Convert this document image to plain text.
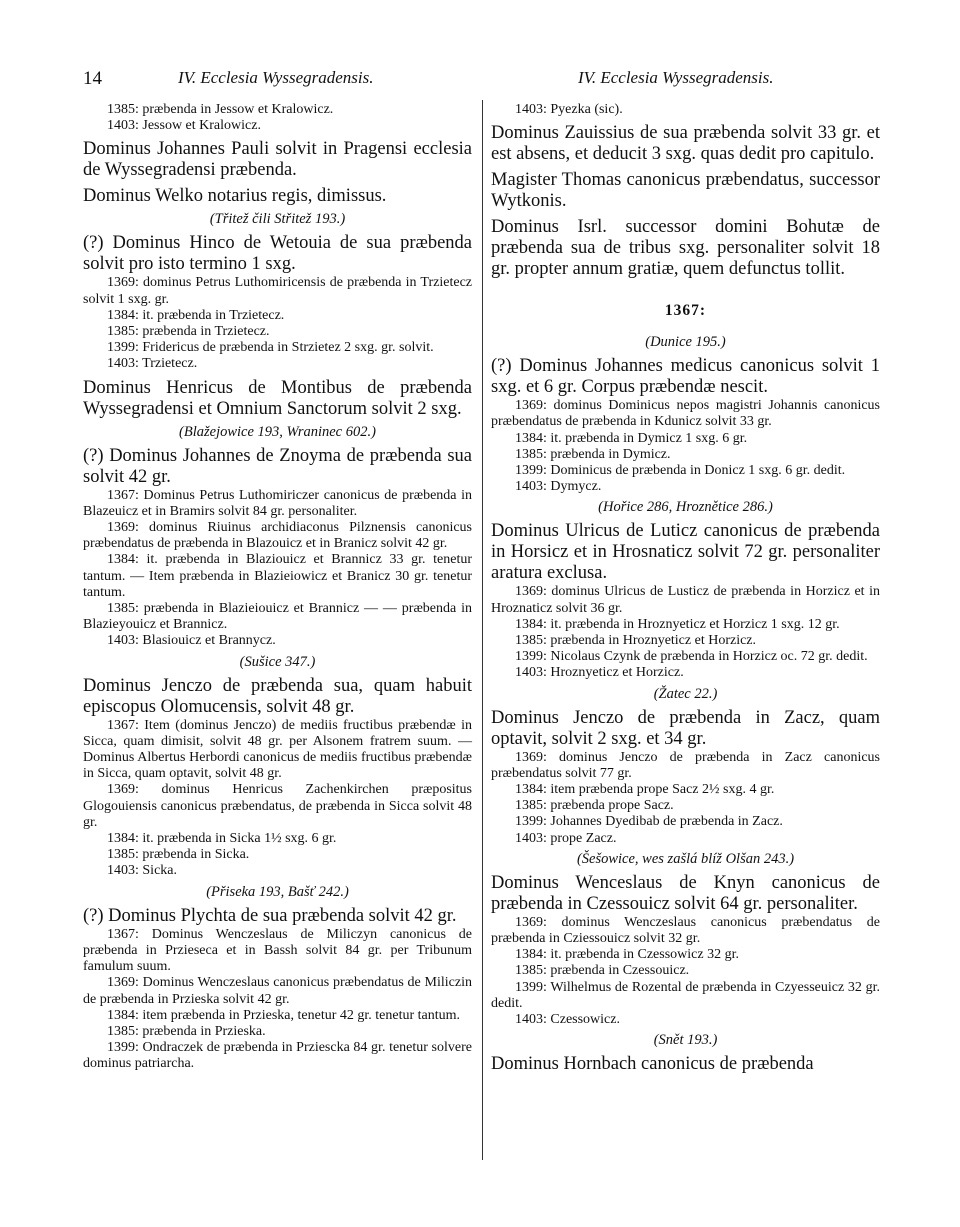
14	IV. Ecclesia Wyssegradensis.	IV. Ecclesia Wyssegradensis.

1385: præbenda in Jessow et Kralowicz.

1403: Jessow et Kralowicz.

Dominus Johannes Pauli solvit in Pragensi ecclesia de Wyssegradensi præbenda.

Dominus Welko notarius regis, dimissus.

(Třitež čili Střitež 193.)

(?) Dominus Hinco de Wetouia de sua præbenda solvit pro isto termino 1 sxg.

1369: dominus Petrus Luthomiricensis de præbenda in Trzietecz solvit 1 sxg. gr.

1384: it. præbenda in Trzietecz.

1385: præbenda in Trzietecz.

1399: Fridericus de præbenda in Strzietez 2 sxg. gr. solvit.

1403: Trzietecz.

Dominus Henricus de Montibus de præbenda Wyssegradensi et Omnium Sanctorum solvit 2 sxg.

(Blažejowice 193, Wraninec 602.)

(?) Dominus Johannes de Znoyma de præbenda sua solvit 42 gr.

1367: Dominus Petrus Luthomiriczer canonicus de præbenda in Blazeuicz et in Bramirs solvit 84 gr. personaliter.

1369: dominus Riuinus archidiaconus Pilznensis canonicus præbendatus de præbenda in Blazouicz et in Branicz solvit 42 gr.

1384: it. præbenda in Blaziouicz et Brannicz 33 gr. tenetur tantum. — Item præbenda in Blazieiowicz et Branicz 30 gr. tenetur tantum.

1385: præbenda in Blazieiouicz et Brannicz — — præbenda in Blazieyouicz et Brannicz.

1403: Blasiouicz et Brannycz.

(Sušice 347.)

Dominus Jenczo de præbenda sua, quam habuit episcopus Olomucensis, solvit 48 gr.

1367: Item (dominus Jenczo) de mediis fructibus præbendæ in Sicca, quam dimisit, solvit 48 gr. per Alsonem fratrem suum. — Dominus Albertus Herbordi canonicus de mediis fructibus præbendæ in Sicca, quam optavit, solvit 48 gr.

1369: dominus Henricus Zachenkirchen præpositus Glogouiensis canonicus præbendatus, de præbenda in Sicca solvit 48 gr.

1384: it. præbenda in Sicka 1½ sxg. 6 gr.

1385: præbenda in Sicka.

1403: Sicka.

(Přiseka 193, Bašť 242.)

(?) Dominus Plychta de sua præbenda solvit 42 gr.

1367: Dominus Wenczeslaus de Miliczyn canonicus de præbenda in Przieseca et in Bassh solvit 84 gr. per Tribunum famulum suum.

1369: Dominus Wenczeslaus canonicus præbendatus de Miliczin de præbenda in Przieska solvit 42 gr.

1384: item præbenda in Przieska, tenetur 42 gr. tenetur tantum.

1385: præbenda in Przieska.

1399: Ondraczek de præbenda in Prziescka 84 gr. tenetur solvere dominus patriarcha.

1403: Pyezka (sic).

Dominus Zauissius de sua præbenda solvit 33 gr. et est absens, et deducit 3 sxg. quas dedit pro capitulo.

Magister Thomas canonicus præbendatus, successor Wytkonis.

Dominus Isrl. successor domini Bohutæ de præbenda sua de tribus sxg. personaliter solvit 18 gr. propter annum gratiæ, quem defunctus tollit.

1367:

(Dunice 195.)

(?) Dominus Johannes medicus canonicus solvit 1 sxg. et 6 gr. Corpus præbendæ nescit.

1369: dominus Dominicus nepos magistri Johannis canonicus præbendatus de præbenda in Kdunicz solvit 33 gr.

1384: it. præbenda in Dymicz 1 sxg. 6 gr.

1385: præbenda in Dymicz.

1399: Dominicus de præbenda in Donicz 1 sxg. 6 gr. dedit.

1403: Dymycz.

(Hořice 286, Hroznětice 286.)

Dominus Ulricus de Luticz canonicus de præbenda in Horsicz et in Hrosnaticz solvit 72 gr. personaliter aratura exclusa.

1369: dominus Ulricus de Lusticz de præbenda in Horzicz et in Hroznaticz solvit 36 gr.

1384: it. præbenda in Hroznyeticz et Horzicz 1 sxg. 12 gr.

1385: præbenda in Hroznyeticz et Horzicz.

1399: Nicolaus Czynk de præbenda in Horzicz oc. 72 gr. dedit.

1403: Hroznyeticz et Horzicz.

(Žatec 22.)

Dominus Jenczo de præbenda in Zacz, quam optavit, solvit 2 sxg. et 34 gr.

1369: dominus Jenczo de præbenda in Zacz canonicus præbendatus solvit 77 gr.

1384: item præbenda prope Sacz 2½ sxg. 4 gr.

1385: præbenda prope Sacz.

1399: Johannes Dyedibab de præbenda in Zacz.

1403: prope Zacz.

(Šešowice, wes zašlá blíž Olšan 243.)

Dominus Wenceslaus de Knyn canonicus de præbenda in Czessouicz solvit 64 gr. personaliter.

1369: dominus Wenczeslaus canonicus præbendatus de præbenda in Cziessouicz solvit 32 gr.

1384: it. præbenda in Czessowicz 32 gr.

1385: præbenda in Czessouicz.

1399: Wilhelmus de Rozental de præbenda in Czyesseuicz 32 gr. dedit.

1403: Czessowicz.

(Snět 193.)

Dominus Hornbach canonicus de præbenda
